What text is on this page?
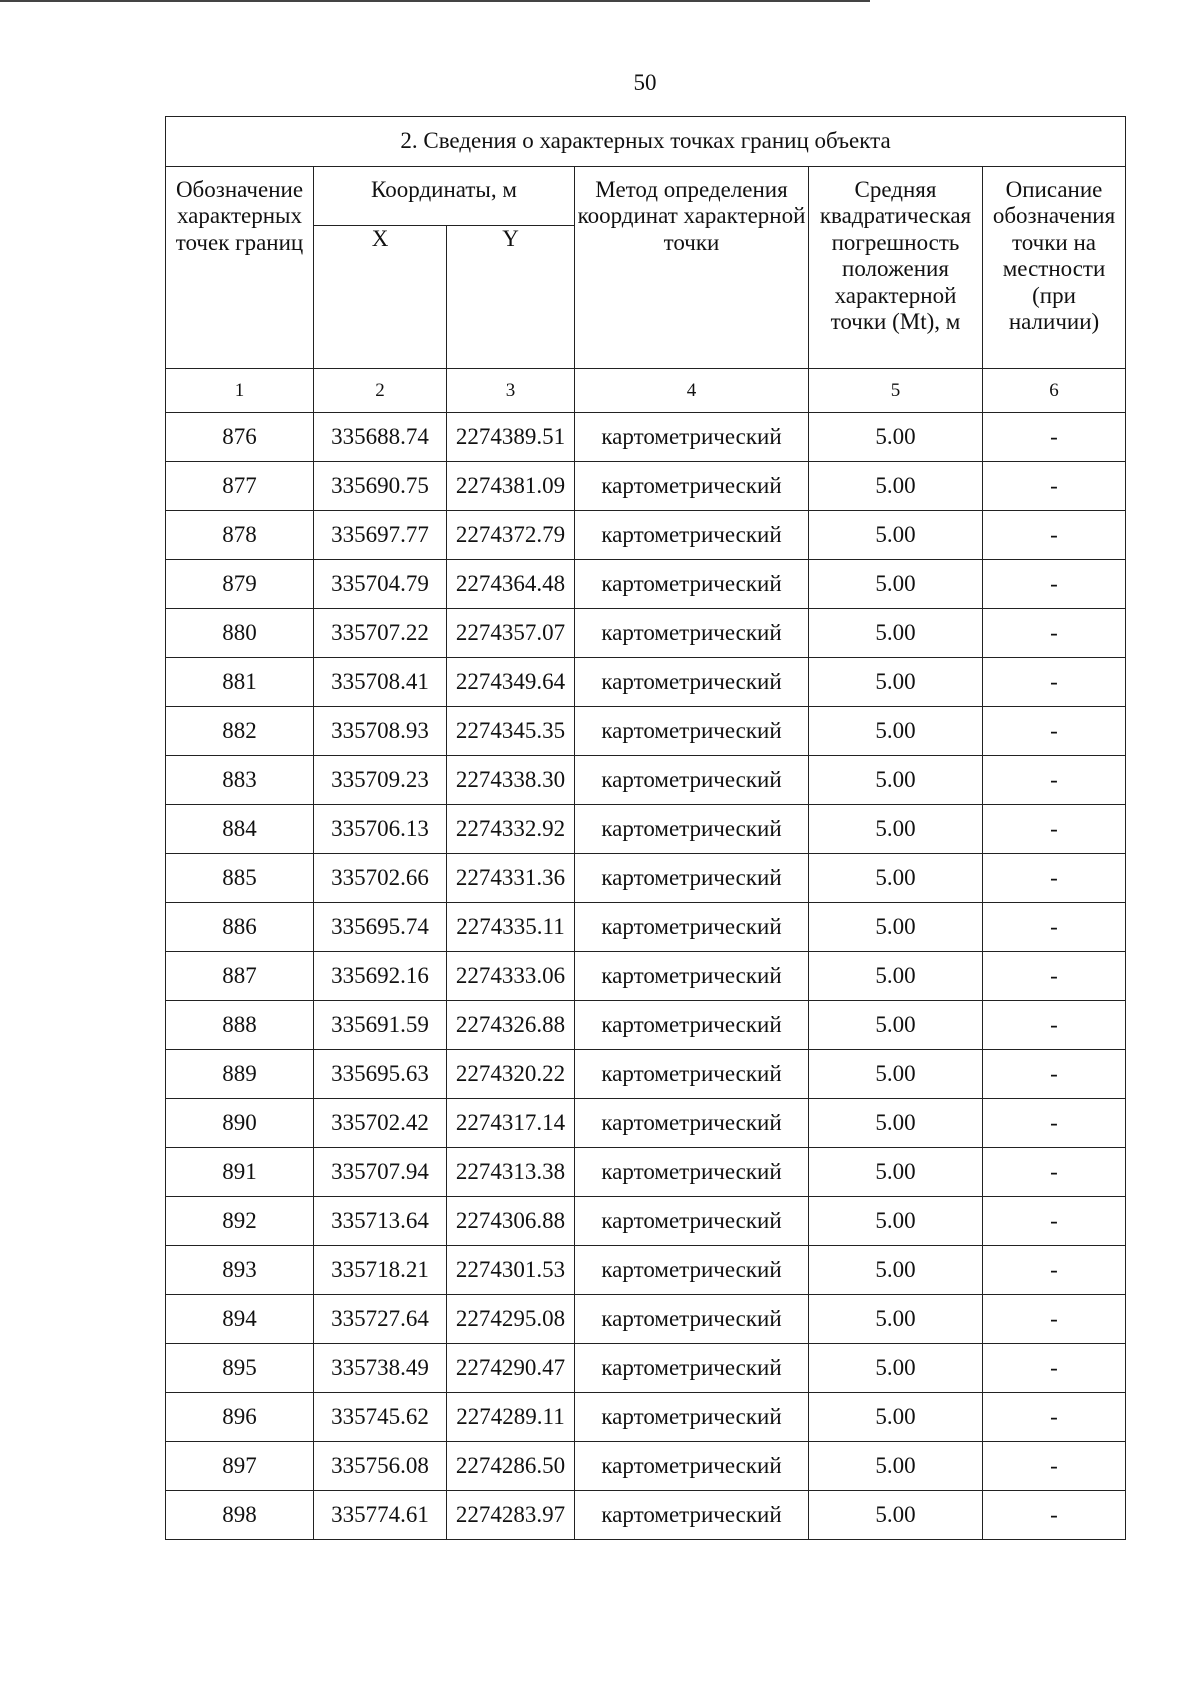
50
2. Сведения о характерных точках границ объекта					
Обозначение характерных точек границ	Координаты, м		Метод определения координат характерной точки	Средняя квадратическая погрешность положения характерной точки (Mt), м	Описание обозначения точки на местности (при наличии)
	X	Y			
1	2	3	4	5	6
876	335688.74	2274389.51	картометрический	5.00	-
877	335690.75	2274381.09	картометрический	5.00	-
878	335697.77	2274372.79	картометрический	5.00	-
879	335704.79	2274364.48	картометрический	5.00	-
880	335707.22	2274357.07	картометрический	5.00	-
881	335708.41	2274349.64	картометрический	5.00	-
882	335708.93	2274345.35	картометрический	5.00	-
883	335709.23	2274338.30	картометрический	5.00	-
884	335706.13	2274332.92	картометрический	5.00	-
885	335702.66	2274331.36	картометрический	5.00	-
886	335695.74	2274335.11	картометрический	5.00	-
887	335692.16	2274333.06	картометрический	5.00	-
888	335691.59	2274326.88	картометрический	5.00	-
889	335695.63	2274320.22	картометрический	5.00	-
890	335702.42	2274317.14	картометрический	5.00	-
891	335707.94	2274313.38	картометрический	5.00	-
892	335713.64	2274306.88	картометрический	5.00	-
893	335718.21	2274301.53	картометрический	5.00	-
894	335727.64	2274295.08	картометрический	5.00	-
895	335738.49	2274290.47	картометрический	5.00	-
896	335745.62	2274289.11	картометрический	5.00	-
897	335756.08	2274286.50	картометрический	5.00	-
898	335774.61	2274283.97	картометрический	5.00	-
